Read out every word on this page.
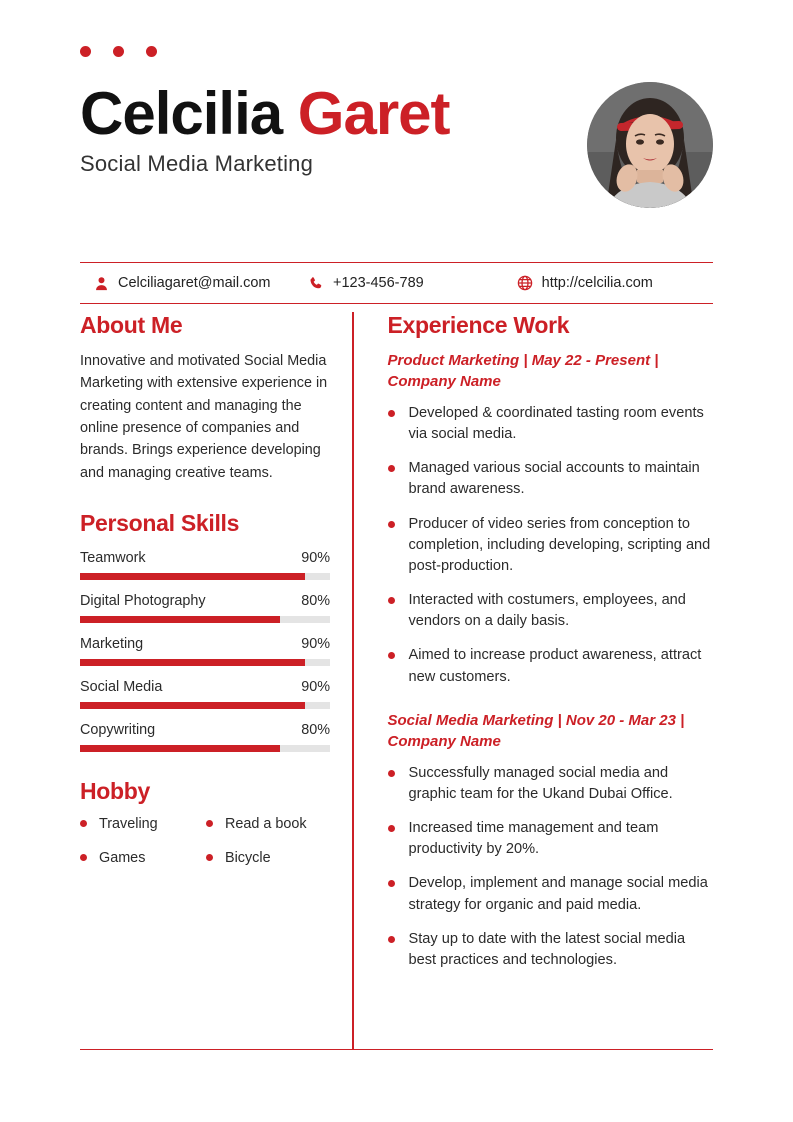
Celcilia Garet
Social Media Marketing
Celciliagaret@mail.com	+123-456-789	http://celcilia.com
About Me
Innovative and motivated Social Media Marketing with extensive experience in creating content and managing the online presence of companies and brands. Brings experience developing and managing creative teams.
Personal Skills
Teamwork	90%
Digital Photography	80%
Marketing	90%
Social Media	90%
Copywriting	80%
Hobby
Traveling	Read a book
Games	Bicycle
Experience Work
Product Marketing | May 22 - Present | Company Name
Developed & coordinated tasting room events via social media.
Managed various social accounts to maintain brand awareness.
Producer of video series from conception to completion, including developing, scripting and post-production.
Interacted with costumers, employees, and vendors on a daily basis.
Aimed to increase product awareness, attract new customers.
Social Media Marketing | Nov 20 - Mar 23 | Company Name
Successfully managed social media and graphic team for the Ukand Dubai Office.
Increased time management and team productivity by 20%.
Develop, implement and manage social media strategy for organic and paid media.
Stay up to date with the latest social media best practices and technologies.
